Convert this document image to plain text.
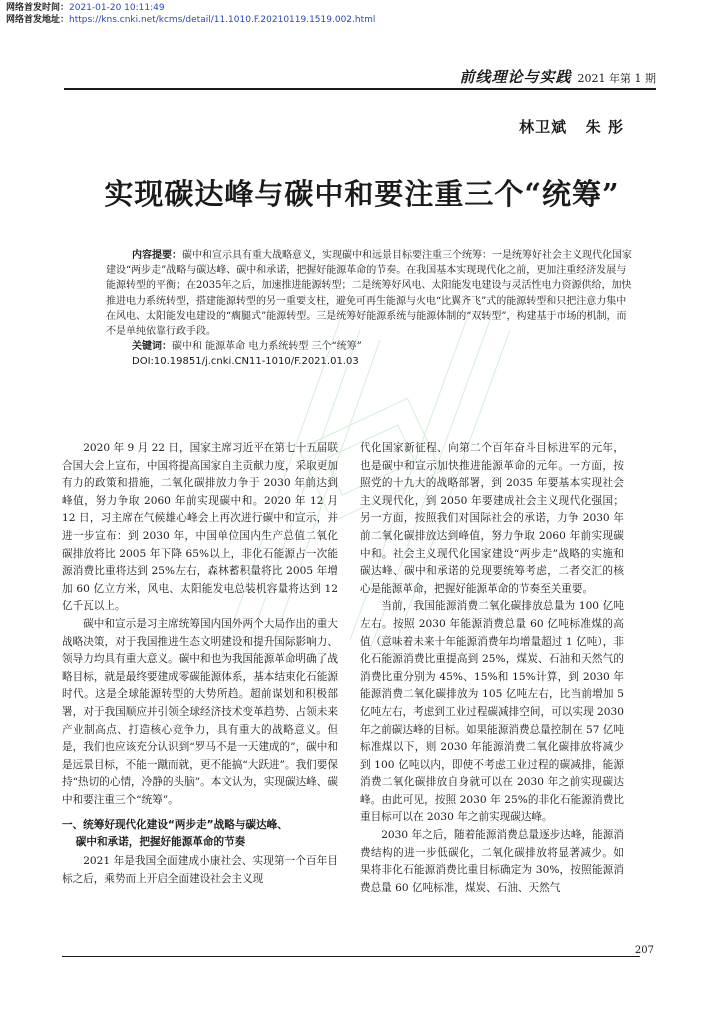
网络首发时间：2021-01-20 10:11:49
网络首发地址：https://kns.cnki.net/kcms/detail/11.1010.F.20210119.1519.002.html
前线理论与实践 2021 年第 1 期
林卫斌   朱 彤
实现碳达峰与碳中和要注重三个“统筹”

内容提要：碳中和宣示具有重大战略意义，实现碳中和远景目标要注重三个统筹：一是统筹好社会主义现代化国家建设“两步走”战略与碳达峰、碳中和承诺，把握好能源革命的节奏。在我国基本实现现代化之前，更加注重经济发展与能源转型的平衡；在2035年之后，加速推进能源转型；二是统筹好风电、太阳能发电建设与灵活性电力资源供给，加快推进电力系统转型，搭建能源转型的另一重要支柱，避免可再生能源与火电“比翼齐飞”式的能源转型和只把注意力集中在风电、太阳能发电建设的“瘸腿式”能源转型。三是统筹好能源系统与能源体制的“双转型”，构建基于市场的机制，而不是单纯依靠行政手段。

关键词：碳中和 能源革命 电力系统转型 三个“统筹”

DOI:10.19851/j.cnki.CN11-1010/F.2021.01.03

2020 年 9 月 22 日，国家主席习近平在第七十五届联合国大会上宣布，中国将提高国家自主贡献力度，采取更加有力的政策和措施，二氧化碳排放力争于 2030 年前达到峰值，努力争取 2060 年前实现碳中和。2020 年 12 月 12 日，习主席在气候雄心峰会上再次进行碳中和宣示，并进一步宣布：到 2030 年，中国单位国内生产总值二氧化碳排放将比 2005 年下降 65%以上，非化石能源占一次能源消费比重将达到 25%左右，森林蓄积量将比 2005 年增加 60 亿立方米，风电、太阳能发电总装机容量将达到 12 亿千瓦以上。

碳中和宣示是习主席统筹国内国外两个大局作出的重大战略决策，对于我国推进生态文明建设和提升国际影响力、领导力均具有重大意义。碳中和也为我国能源革命明确了战略目标，就是最终要建成零碳能源体系，基本结束化石能源时代。这是全球能源转型的大势所趋。超前谋划和积极部署，对于我国顺应并引领全球经济技术变革趋势、占领未来产业制高点、打造核心竞争力，具有重大的战略意义。但是，我们也应该充分认识到“罗马不是一天建成的”，碳中和是远景目标，不能一蹴而就，更不能搞“大跃进”。我们要保持“热切的心情，冷静的头脑”。本文认为，实现碳达峰、碳中和要注重三个“统筹”。

一、统筹好现代化建设“两步走”战略与碳达峰、
碳中和承诺，把握好能源革命的节奏

2021 年是我国全面建成小康社会、实现第一个百年目标之后，乘势而上开启全面建设社会主义现

代化国家新征程、向第二个百年奋斗目标进军的元年，也是碳中和宣示加快推进能源革命的元年。一方面，按照党的十九大的战略部署，到 2035 年要基本实现社会主义现代化，到 2050 年要建成社会主义现代化强国；另一方面，按照我们对国际社会的承诺，力争 2030 年前二氧化碳排放达到峰值，努力争取 2060 年前实现碳中和。社会主义现代化国家建设“两步走”战略的实施和碳达峰、碳中和承诺的兑现要统筹考虑，二者交汇的核心是能源革命，把握好能源革命的节奏至关重要。

当前，我国能源消费二氧化碳排放总量为 100 亿吨左右。按照 2030 年能源消费总量 60 亿吨标准煤的高值（意味着未来十年能源消费年均增量超过 1 亿吨），非化石能源消费比重提高到 25%，煤炭、石油和天然气的消费比重分别为 45%、15%和 15%计算，到 2030 年能源消费二氧化碳排放为 105 亿吨左右，比当前增加 5 亿吨左右，考虑到工业过程碳减排空间，可以实现 2030 年之前碳达峰的目标。如果能源消费总量控制在 57 亿吨标准煤以下，则 2030 年能源消费二氧化碳排放将减少到 100 亿吨以内，即使不考虑工业过程的碳减排，能源消费二氧化碳排放自身就可以在 2030 年之前实现碳达峰。由此可见，按照 2030 年 25%的非化石能源消费比重目标可以在 2030 年之前实现碳达峰。

2030 年之后，随着能源消费总量逐步达峰，能源消费结构的进一步低碳化，二氧化碳排放将显著减少。如果将非化石能源消费比重目标确定为 30%，按照能源消费总量 60 亿吨标准，煤炭、石油、天然气

207
